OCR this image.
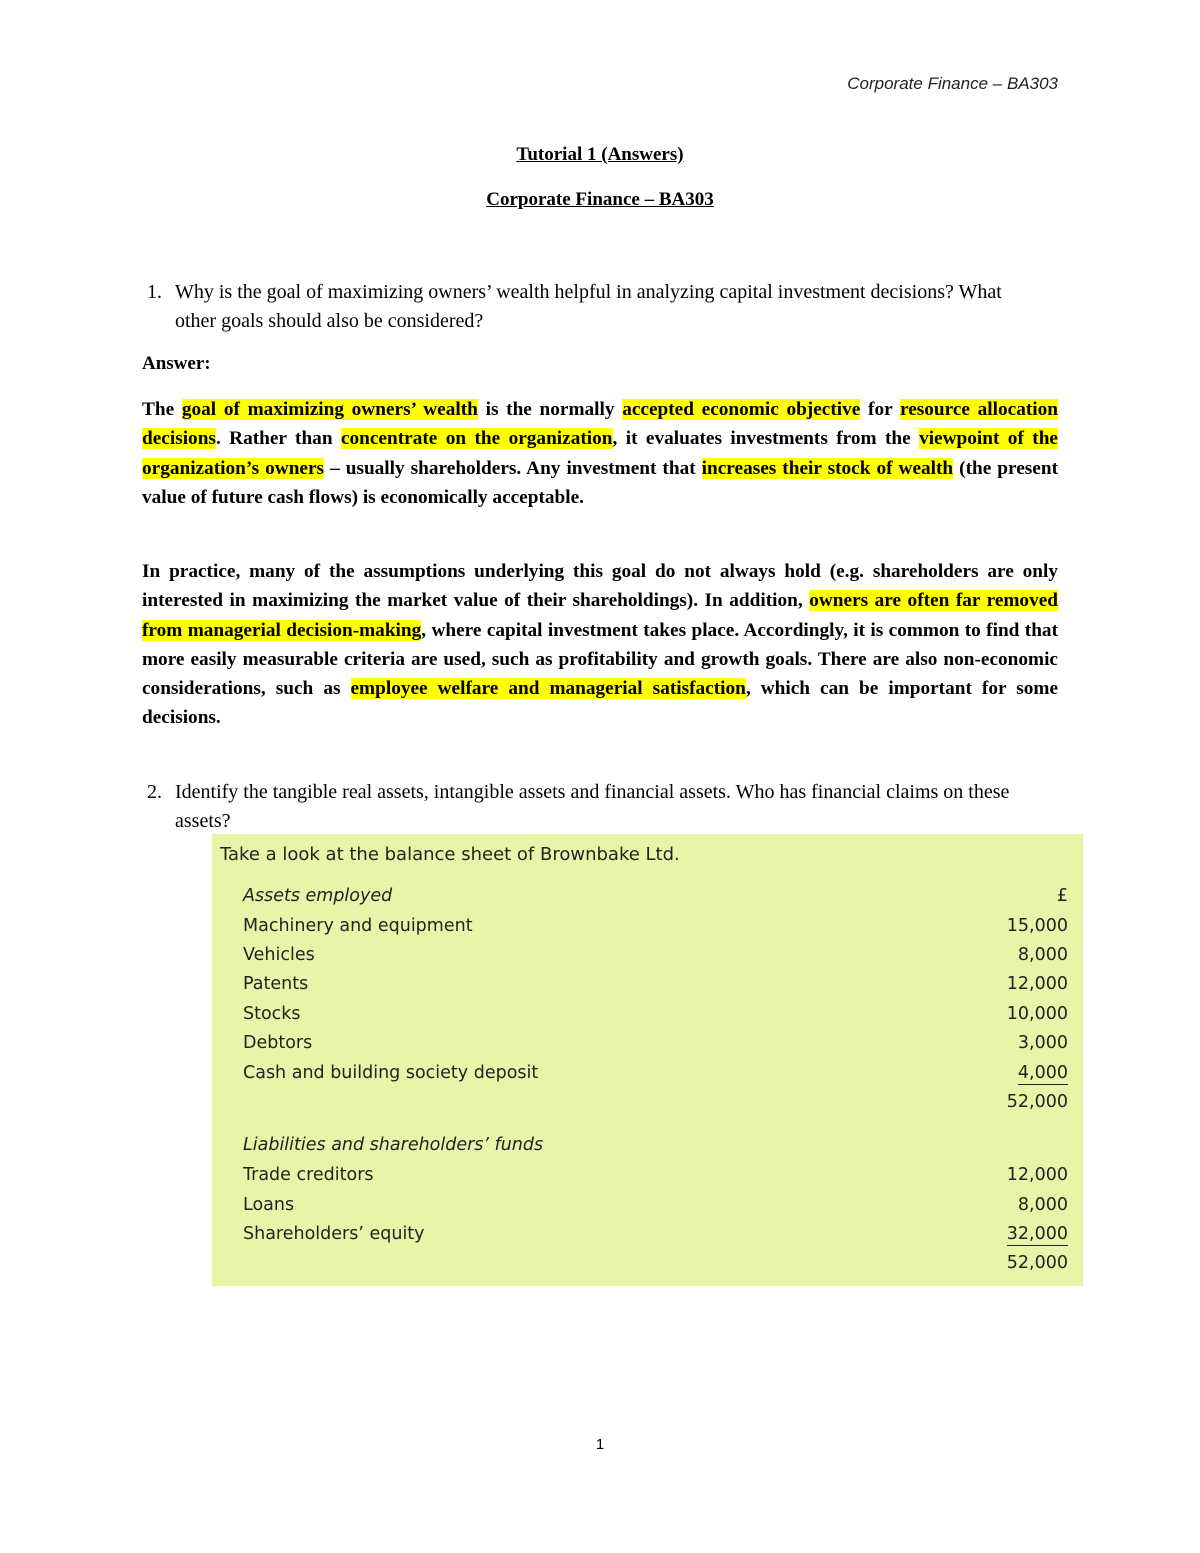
Corporate Finance – BA303
Tutorial 1 (Answers)
Corporate Finance – BA303
1. Why is the goal of maximizing owners’ wealth helpful in analyzing capital investment decisions? What other goals should also be considered?
Answer:
The goal of maximizing owners’ wealth is the normally accepted economic objective for resource allocation decisions. Rather than concentrate on the organization, it evaluates investments from the viewpoint of the organization’s owners – usually shareholders. Any investment that increases their stock of wealth (the present value of future cash flows) is economically acceptable.
In practice, many of the assumptions underlying this goal do not always hold (e.g. shareholders are only interested in maximizing the market value of their shareholdings). In addition, owners are often far removed from managerial decision-making, where capital investment takes place. Accordingly, it is common to find that more easily measurable criteria are used, such as profitability and growth goals. There are also non-economic considerations, such as employee welfare and managerial satisfaction, which can be important for some decisions.
2. Identify the tangible real assets, intangible assets and financial assets. Who has financial claims on these assets?
Take a look at the balance sheet of Brownbake Ltd.
Assets employed	£
Machinery and equipment	15,000
Vehicles	8,000
Patents	12,000
Stocks	10,000
Debtors	3,000
Cash and building society deposit	4,000
52,000
Liabilities and shareholders’ funds
Trade creditors	12,000
Loans	8,000
Shareholders’ equity	32,000
52,000
1
